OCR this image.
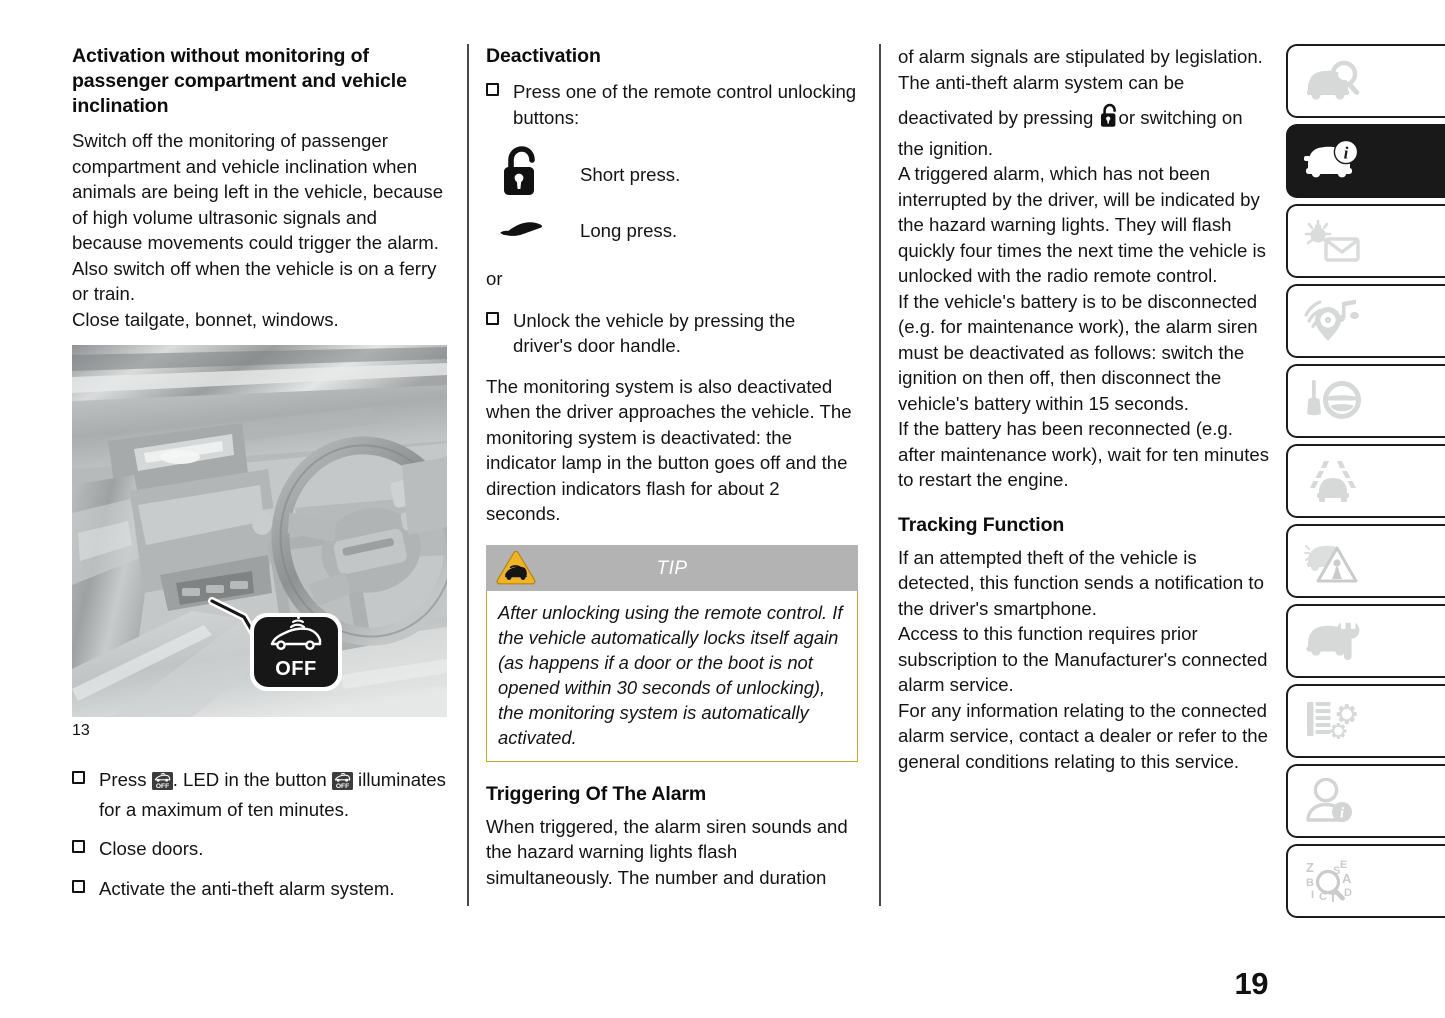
Activation without monitoring of passenger compartment and vehicle inclination

Switch off the monitoring of passenger compartment and vehicle inclination when animals are being left in the vehicle, because of high volume ultrasonic signals and because movements could trigger the alarm. Also switch off when the vehicle is on a ferry or train.

Close tailgate, bonnet, windows.

OFF
13
Press OFF . LED in the button OFF illuminates for a maximum of ten minutes.
Close doors.
Activate the anti-theft alarm system.
Deactivation
Press one of the remote control unlocking buttons:
Short press.
Long press.

or

Unlock the vehicle by pressing the driver's door handle.

The monitoring system is also deactivated when the driver approaches the vehicle. The monitoring system is deactivated: the indicator lamp in the button goes off and the direction indicators flash for about 2 seconds.

TIP
After unlocking using the remote control. If the vehicle automatically locks itself again (as happens if a door or the boot is not opened within 30 seconds of unlocking), the monitoring system is automatically activated.
Triggering Of The Alarm

When triggered, the alarm siren sounds and the hazard warning lights flash simultaneously. The number and duration

of alarm signals are stipulated by legislation.

The anti-theft alarm system can be

deactivated by pressing or switching on the ignition.

A triggered alarm, which has not been interrupted by the driver, will be indicated by the hazard warning lights. They will flash quickly four times the next time the vehicle is unlocked with the radio remote control.

If the vehicle's battery is to be disconnected (e.g. for maintenance work), the alarm siren must be deactivated as follows: switch the ignition on then off, then disconnect the vehicle's battery within 15 seconds.

If the battery has been reconnected (e.g. after maintenance work), wait for ten minutes to restart the engine.

Tracking Function

If an attempted theft of the vehicle is detected, this function sends a notification to the driver's smartphone.

Access to this function requires prior subscription to the Manufacturer's connected alarm service.

For any information relating to the connected alarm service, contact a dealer or refer to the general conditions relating to this service.

i
i
Z
B
I C T
E
A
D
S
19
